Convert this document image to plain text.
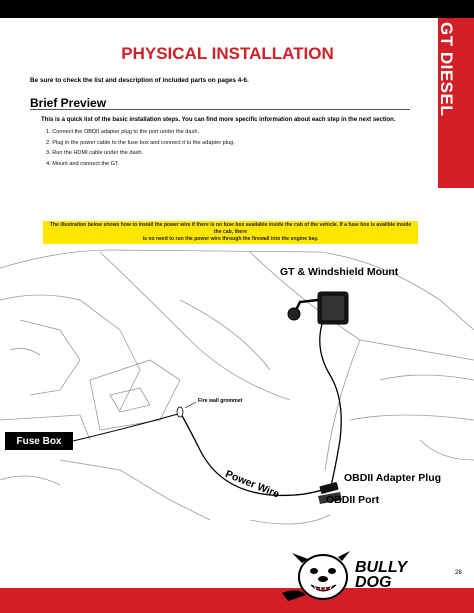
GT DIESEL
PHYSICAL INSTALLATION
Be sure to check the list and description of included parts on pages 4-6.
Brief Preview
This is a quick list of the basic installation steps. You can find more specific information about each step in the next section.
1. Connect the OBDII adapter plug to the port under the dash.
2. Plug in the power cable to the fuse box and connect it to the adapter plug.
3. Run the HDMI cable under the dash.
4. Mount and connect the GT.
The illustration below shows how to install the power wire if there is no fuse box available inside the cab of the vehicle. If a fuse box is availble inside the cab, there
is no need to run the power wire through the firewall into the engine bay.
GT & Windshield Mount
Fire wall grommet
Fuse Box
Power Wire	OBDII Adapter Plug
OBDII Port
BULLY
DOG
28
